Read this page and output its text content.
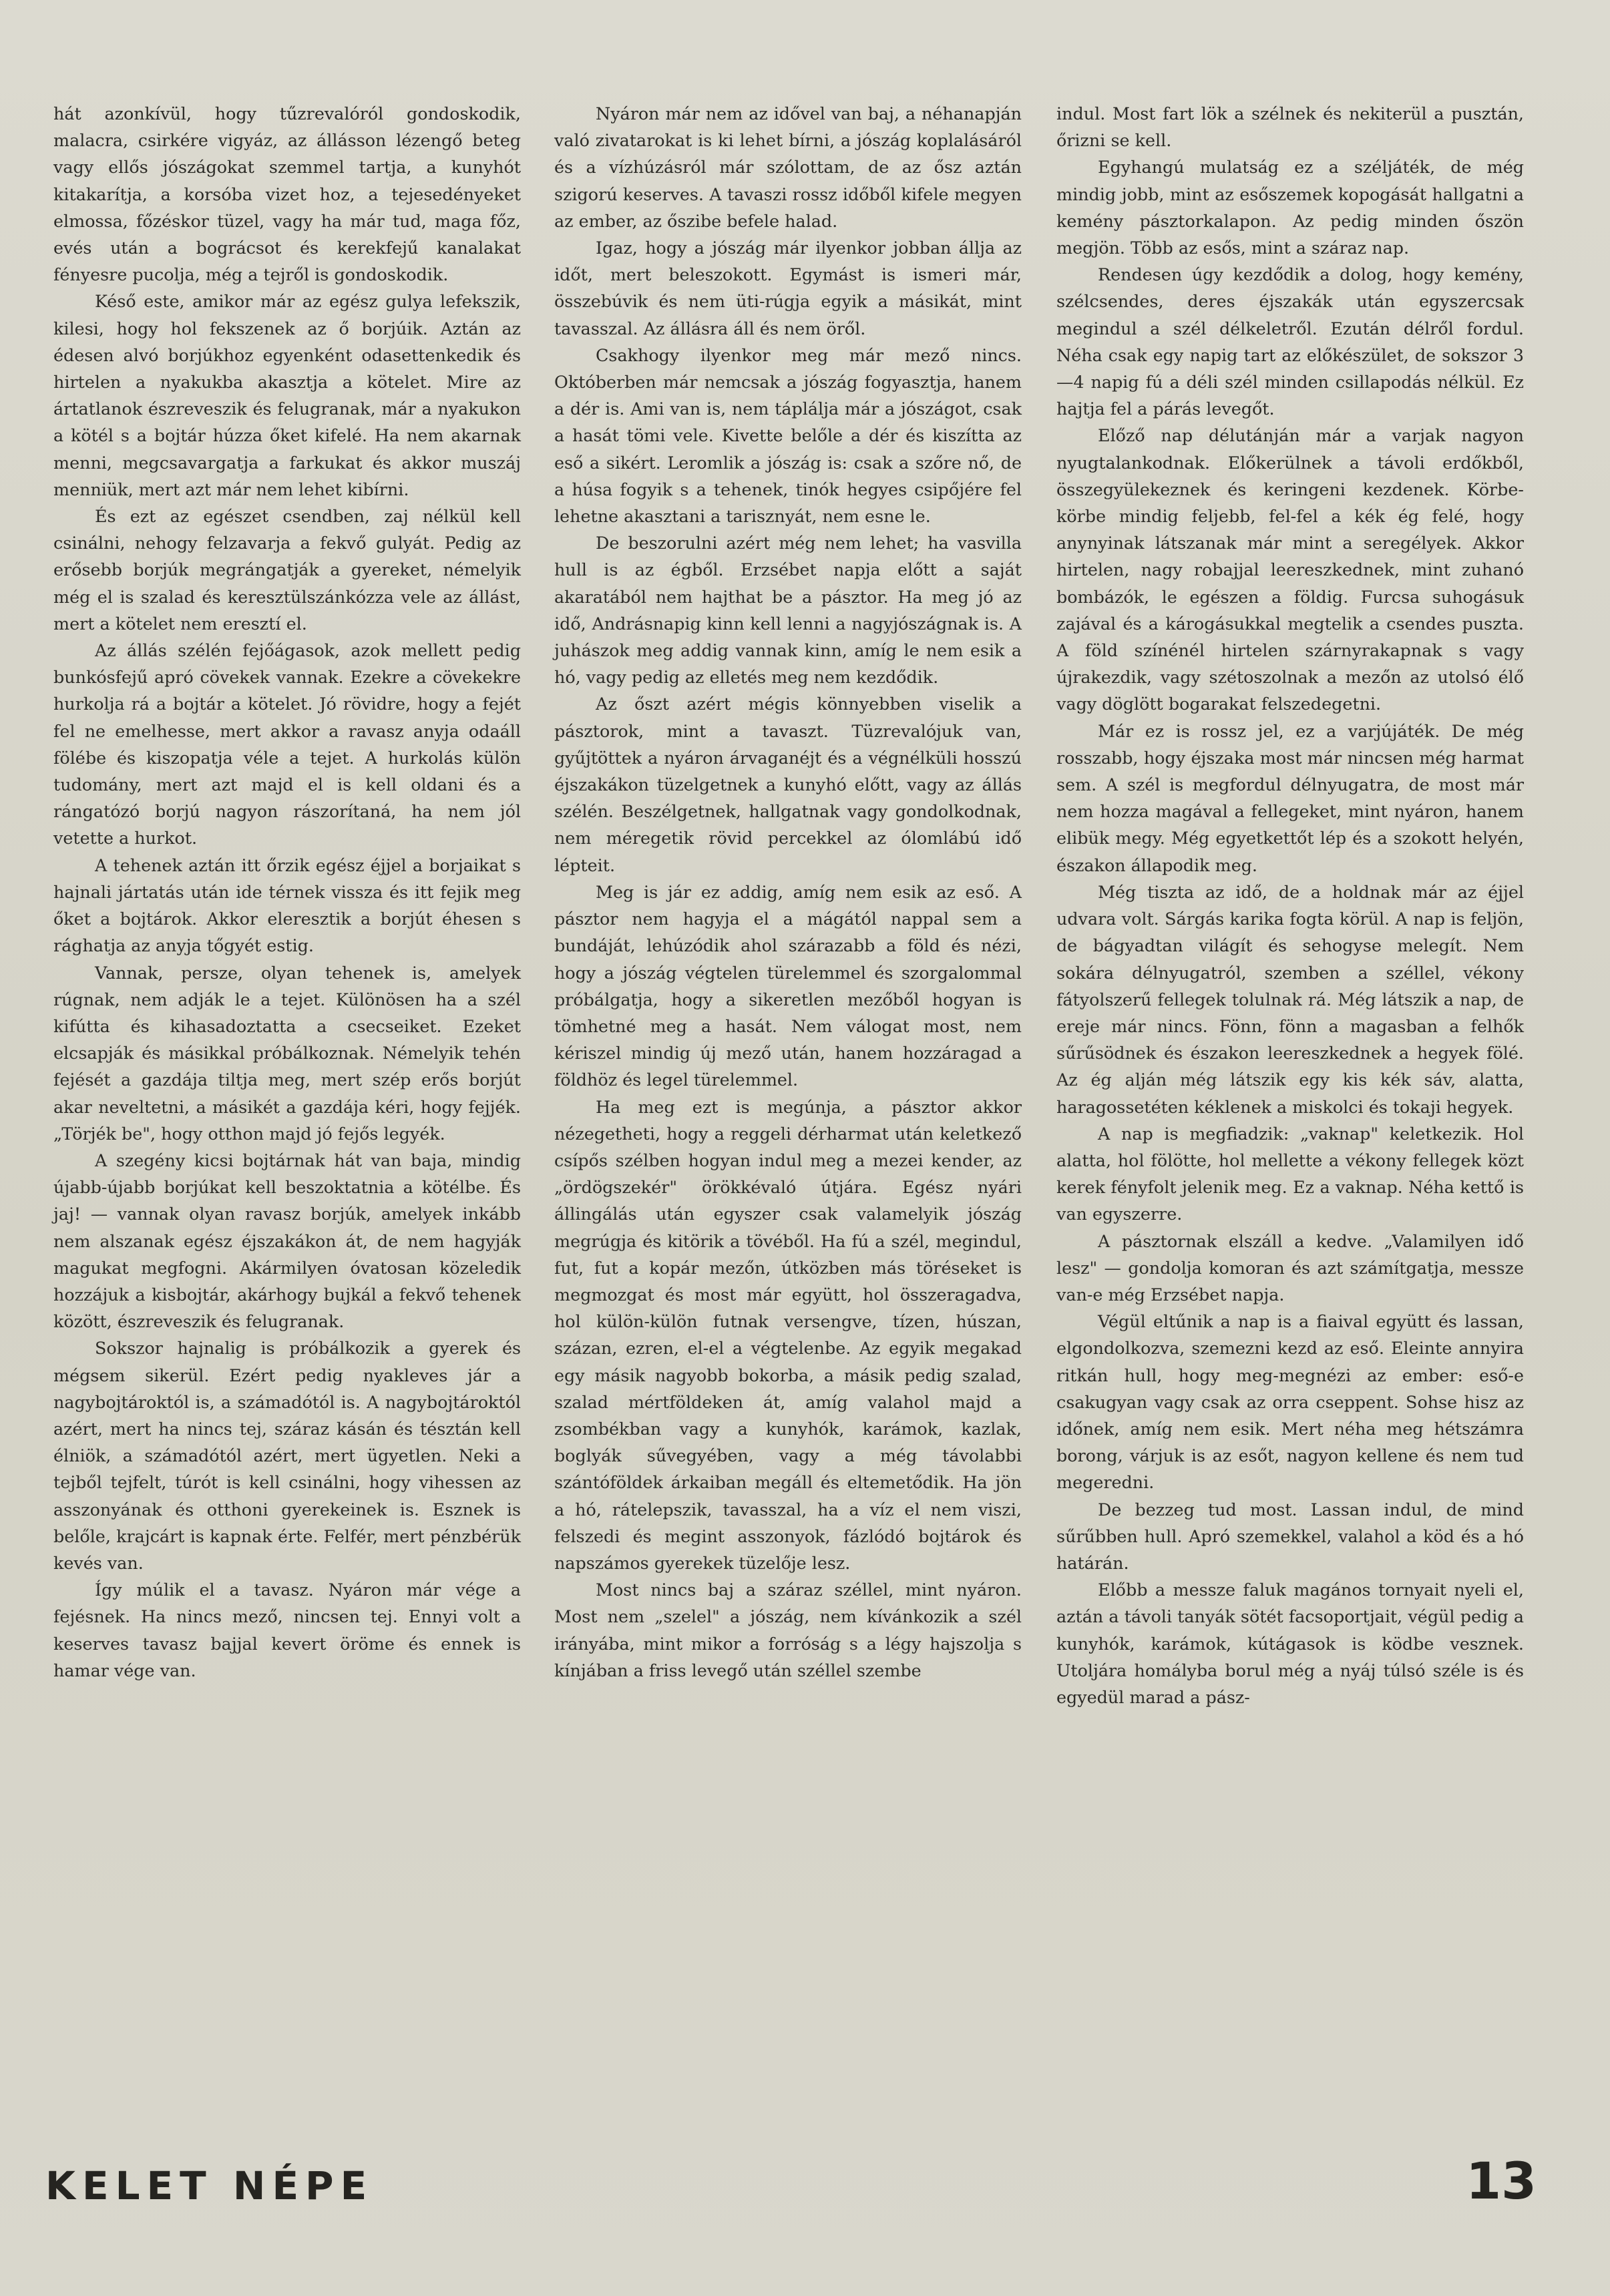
hát azonkívül, hogy tűzrevalóról gondoskodik, malacra, csirkére vigyáz, az állásson lézengő beteg vagy ellős jószágokat szemmel tartja, a kunyhót kitakarítja, a korsóba vizet hoz, a tejesedényeket elmossa, főzéskor tüzel, vagy ha már tud, maga főz, evés után a bográcsot és kerekfejű kanalakat fényesre pucolja, még a tejről is gondoskodik.

Késő este, amikor már az egész gulya lefekszik, kilesi, hogy hol fekszenek az ő borjúik. Aztán az édesen alvó borjúkhoz egyenként odasettenkedik és hirtelen a nyakukba akasztja a kötelet. Mire az ártatlanok észreveszik és felugranak, már a nyakukon a kötél s a bojtár húzza őket kifelé. Ha nem akarnak menni, megcsavargatja a farkukat és akkor muszáj menniük, mert azt már nem lehet kibírni.

És ezt az egészet csendben, zaj nélkül kell csinálni, nehogy felzavarja a fekvő gulyát. Pedig az erősebb borjúk megrángatják a gyereket, némelyik még el is szalad és keresztülszánkózza vele az állást, mert a kötelet nem eresztí el.

Az állás szélén fejőágasok, azok mellett pedig bunkósfejű apró cövekek vannak. Ezekre a cövekekre hurkolja rá a bojtár a kötelet. Jó rövidre, hogy a fejét fel ne emelhesse, mert akkor a ravasz anyja odaáll fölébe és kiszopatja véle a tejet. A hurkolás külön tudomány, mert azt majd el is kell oldani és a rángatózó borjú nagyon rászorítaná, ha nem jól vetette a hurkot.

A tehenek aztán itt őrzik egész éjjel a borjaikat s hajnali jártatás után ide térnek vissza és itt fejik meg őket a bojtárok. Akkor eleresztik a borjút éhesen s rághatja az anyja tőgyét estig.

Vannak, persze, olyan tehenek is, amelyek rúgnak, nem adják le a tejet. Különösen ha a szél kifútta és kihasadoztatta a csecseiket. Ezeket elcsapják és másikkal próbálkoznak. Némelyik tehén fejését a gazdája tiltja meg, mert szép erős borjút akar neveltetni, a másikét a gazdája kéri, hogy fejjék. „Törjék be", hogy otthon majd jó fejős legyék.

A szegény kicsi bojtárnak hát van baja, mindig újabb-újabb borjúkat kell beszoktatnia a kötélbe. És jaj! — vannak olyan ravasz borjúk, amelyek inkább nem alszanak egész éjszakákon át, de nem hagyják magukat megfogni. Akármilyen óvatosan közeledik hozzájuk a kisbojtár, akárhogy bujkál a fekvő tehenek között, észreveszik és felugranak.

Sokszor hajnalig is próbálkozik a gyerek és mégsem sikerül. Ezért pedig nyakleves jár a nagybojtároktól is, a számadótól is. A nagybojtároktól azért, mert ha nincs tej, száraz kásán és tésztán kell élniök, a számadótól azért, mert ügyetlen. Neki a tejből tejfelt, túrót is kell csinálni, hogy vihessen az asszonyának és otthoni gyerekeinek is. Esznek is belőle, krajcárt is kapnak érte. Felfér, mert pénzbérük kevés van.

Így múlik el a tavasz. Nyáron már vége a fejésnek. Ha nincs mező, nincsen tej. Ennyi volt a keserves tavasz bajjal kevert öröme és ennek is hamar vége van.

Nyáron már nem az idővel van baj, a néhanapján való zivatarokat is ki lehet bírni, a jószág koplalásáról és a vízhúzásról már szólottam, de az ősz aztán szigorú keserves. A tavaszi rossz időből kifele megyen az ember, az őszibe befele halad.

Igaz, hogy a jószág már ilyenkor jobban állja az időt, mert beleszokott. Egymást is ismeri már, összebúvik és nem üti-rúgja egyik a másikát, mint tavasszal. Az állásra áll és nem öről.

Csakhogy ilyenkor meg már mező nincs. Októberben már nemcsak a jószág fogyasztja, hanem a dér is. Ami van is, nem táplálja már a jószágot, csak a hasát tömi vele. Kivette belőle a dér és kiszítta az eső a sikért. Leromlik a jószág is: csak a szőre nő, de a húsa fogyik s a tehenek, tinók hegyes csipőjére fel lehetne akasztani a tarisznyát, nem esne le.

De beszorulni azért még nem lehet; ha vasvilla hull is az égből. Erzsébet napja előtt a saját akaratából nem hajthat be a pásztor. Ha meg jó az idő, Andrásnapig kinn kell lenni a nagyjószágnak is. A juhászok meg addig vannak kinn, amíg le nem esik a hó, vagy pedig az elletés meg nem kezdődik.

Az őszt azért mégis könnyebben viselik a pásztorok, mint a tavaszt. Tüzrevalójuk van, gyűjtöttek a nyáron árvaganéjt és a végnélküli hosszú éjszakákon tüzelgetnek a kunyhó előtt, vagy az állás szélén. Beszélgetnek, hallgatnak vagy gondolkodnak, nem méregetik rövid percekkel az ólomlábú idő lépteit.

Meg is jár ez addig, amíg nem esik az eső. A pásztor nem hagyja el a mágától nappal sem a bundáját, lehúzódik ahol szárazabb a föld és nézi, hogy a jószág végtelen türelemmel és szorgalommal próbálgatja, hogy a sikeretlen mezőből hogyan is tömhetné meg a hasát. Nem válogat most, nem kériszel mindig új mező után, hanem hozzáragad a földhöz és legel türelemmel.

Ha meg ezt is megúnja, a pásztor akkor nézegetheti, hogy a reggeli dérharmat után keletkező csípős szélben hogyan indul meg a mezei kender, az „ördögszekér" örökkévaló útjára. Egész nyári állingálás után egyszer csak valamelyik jószág megrúgja és kitörik a tövéből. Ha fú a szél, megindul, fut, fut a kopár mezőn, útközben más töréseket is megmozgat és most már együtt, hol összeragadva, hol külön-külön futnak versengve, tízen, húszan, százan, ezren, el-el a végtelenbe. Az egyik megakad egy másik nagyobb bokorba, a másik pedig szalad, szalad mértföldeken át, amíg valahol majd a zsombékban vagy a kunyhók, karámok, kazlak, boglyák sűvegyében, vagy a még távolabbi szántóföldek árkaiban megáll és eltemetődik. Ha jön a hó, rátelepszik, tavasszal, ha a víz el nem viszi, felszedi és megint asszonyok, fázlódó bojtárok és napszámos gyerekek tüzelője lesz.

Most nincs baj a száraz széllel, mint nyáron. Most nem „szelel" a jószág, nem kívánkozik a szél irányába, mint mikor a forróság s a légy hajszolja s kínjában a friss levegő után széllel szembe

indul. Most fart lök a szélnek és nekiterül a pusztán, őrizni se kell.

Egyhangú mulatság ez a széljáték, de még mindig jobb, mint az esőszemek kopogását hallgatni a kemény pásztorkalapon. Az pedig minden őszön megjön. Több az esős, mint a száraz nap.

Rendesen úgy kezdődik a dolog, hogy kemény, szélcsendes, deres éjszakák után egyszercsak megindul a szél délkeletről. Ezután délről fordul. Néha csak egy napig tart az előkészület, de sokszor 3—4 napig fú a déli szél minden csillapodás nélkül. Ez hajtja fel a párás levegőt.

Előző nap délutánján már a varjak nagyon nyugtalankodnak. Előkerülnek a távoli erdőkből, összegyülekeznek és keringeni kezdenek. Körbe-körbe mindig feljebb, fel-fel a kék ég felé, hogy anynyinak látszanak már mint a seregélyek. Akkor hirtelen, nagy robajjal leereszkednek, mint zuhanó bombázók, le egészen a földig. Furcsa suhogásuk zajával és a károgásukkal megtelik a csendes puszta. A föld színénél hirtelen szárnyrakapnak s vagy újrakezdik, vagy szétoszolnak a mezőn az utolsó élő vagy döglött bogarakat felszedegetni.

Már ez is rossz jel, ez a varjújáték. De még rosszabb, hogy éjszaka most már nincsen még harmat sem. A szél is megfordul délnyugatra, de most már nem hozza magával a fellegeket, mint nyáron, hanem elibük megy. Még egyetkettőt lép és a szokott helyén, északon állapodik meg.

Még tiszta az idő, de a holdnak már az éjjel udvara volt. Sárgás karika fogta körül. A nap is feljön, de bágyadtan világít és sehogyse melegít. Nem sokára délnyugatról, szemben a széllel, vékony fátyolszerű fellegek tolulnak rá. Még látszik a nap, de ereje már nincs. Fönn, fönn a magasban a felhők sűrűsödnek és északon leereszkednek a hegyek fölé. Az ég alján még látszik egy kis kék sáv, alatta, haragossetéten kéklenek a miskolci és tokaji hegyek.

A nap is megfiadzik: „vaknap" keletkezik. Hol alatta, hol fölötte, hol mellette a vékony fellegek közt kerek fényfolt jelenik meg. Ez a vaknap. Néha kettő is van egyszerre.

A pásztornak elszáll a kedve. „Valamilyen idő lesz" — gondolja komoran és azt számítgatja, messze van-e még Erzsébet napja.

Végül eltűnik a nap is a fiaival együtt és lassan, elgondolkozva, szemezni kezd az eső. Eleinte annyira ritkán hull, hogy meg-megnézi az ember: eső-e csakugyan vagy csak az orra cseppent. Sohse hisz az időnek, amíg nem esik. Mert néha meg hétszámra borong, várjuk is az esőt, nagyon kellene és nem tud megeredni.

De bezzeg tud most. Lassan indul, de mind sűrűbben hull. Apró szemekkel, valahol a köd és a hó határán.

Előbb a messze faluk magános tornyait nyeli el, aztán a távoli tanyák sötét facsoportjait, végül pedig a kunyhók, karámok, kútágasok is ködbe vesznek. Utoljára homályba borul még a nyáj túlsó széle is és egyedül marad a pász-

KELET NÉPE	13
